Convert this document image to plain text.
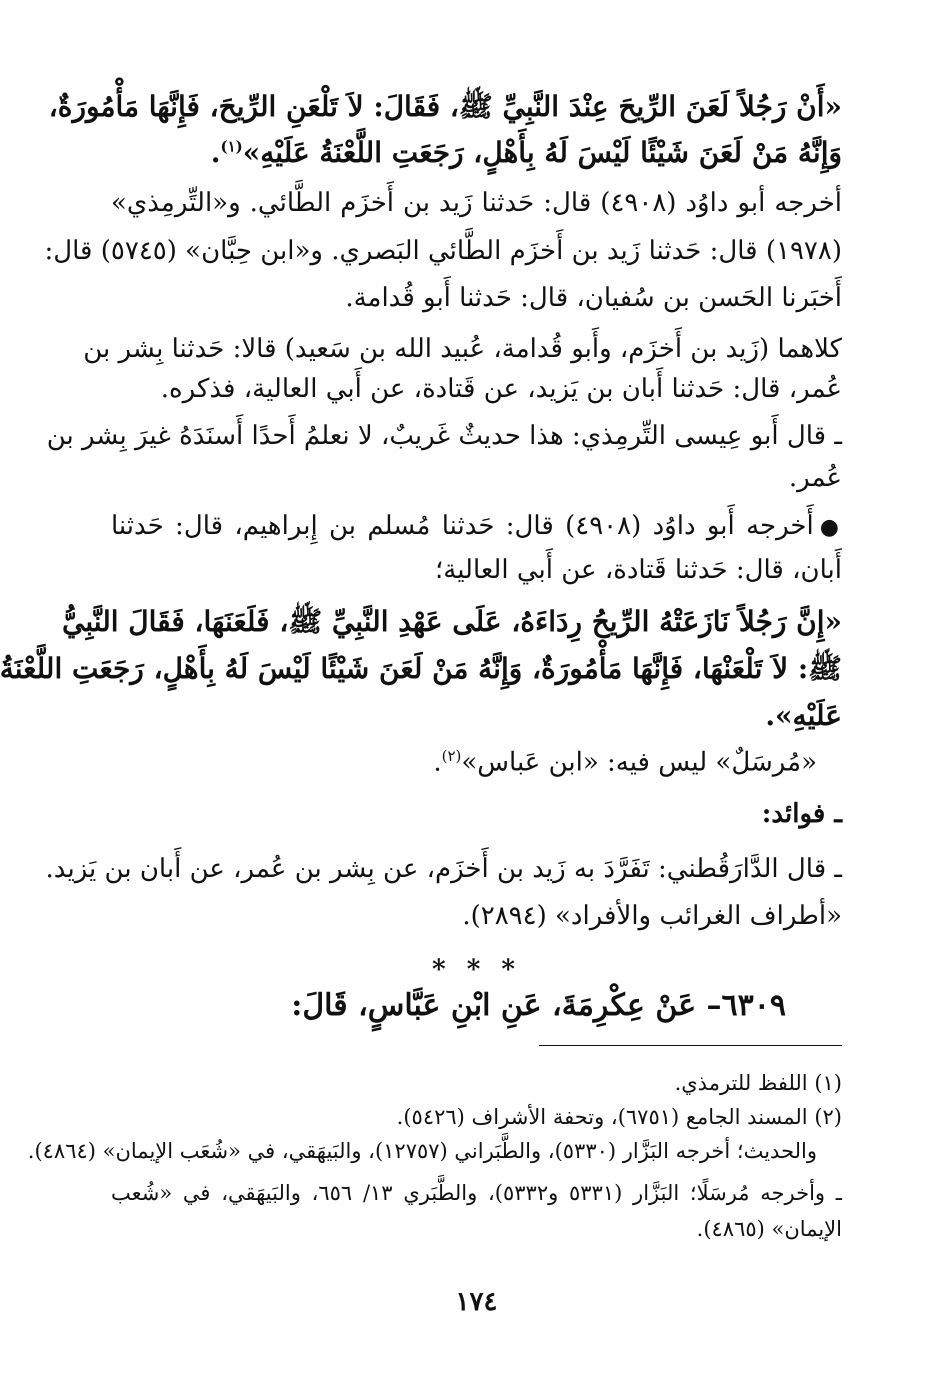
«أَنْ رَجُلاً لَعَنَ الرِّيحَ عِنْدَ النَّبِيِّ ﷺ، فَقَالَ: لاَ تَلْعَنِ الرِّيحَ، فَإِنَّهَا مَأْمُورَةٌ،
وَإِنَّهُ مَنْ لَعَنَ شَيْئًا لَيْسَ لَهُ بِأَهْلٍ، رَجَعَتِ اللَّعْنَةُ عَلَيْهِ»$^{(١)}$.
أخرجه أبو داوُد (٤٩٠٨) قال: حَدثنا زَيد بن أَخزَم الطَّائي. و«التِّرمِذي»
(١٩٧٨) قال: حَدثنا زَيد بن أَخزَم الطَّائي البَصري. و«ابن حِبَّان» (٥٧٤٥) قال:
أَخبَرنا الحَسن بن سُفيان، قال: حَدثنا أَبو قُدامة.
كلاهما (زَيد بن أَخزَم، وأَبو قُدامة، عُبيد الله بن سَعيد) قالا: حَدثنا بِشر بن
عُمر، قال: حَدثنا أَبان بن يَزيد، عن قَتادة، عن أَبي العالية، فذكره.
ـ قال أَبو عِيسى التِّرمِذي: هذا حديثٌ غَريبٌ، لا نعلمُ أَحدًا أَسنَدَهُ غيرَ بِشر بن
عُمر.
●أَخرجه أَبو داوُد (٤٩٠٨) قال: حَدثنا مُسلم بن إِبراهيم، قال: حَدثنا
أَبان، قال: حَدثنا قَتادة، عن أَبي العالية؛
«إِنَّ رَجُلاً نَازَعَتْهُ الرِّيحُ رِدَاءَهُ، عَلَى عَهْدِ النَّبِيِّ ﷺ، فَلَعَنَهَا، فَقَالَ النَّبِيُّ
ﷺ: لاَ تَلْعَنْهَا، فَإِنَّهَا مَأْمُورَةٌ، وَإِنَّهُ مَنْ لَعَنَ شَيْئًا لَيْسَ لَهُ بِأَهْلٍ، رَجَعَتِ اللَّعْنَةُ
عَلَيْهِ».
«مُرسَلٌ» ليس فيه: «ابن عَباس»$^{(٢)}$.
ـ فوائد:
ـ قال الدَّارَقُطني: تَفَرَّدَ به زَيد بن أَخزَم، عن بِشر بن عُمر، عن أَبان بن يَزيد.
«أطراف الغرائب والأفراد» (٢٨٩٤).
* * *
٦٣٠٩– عَنْ عِكْرِمَةَ، عَنِ ابْنِ عَبَّاسٍ، قَالَ:
(١) اللفظ للترمذي.
(٢) المسند الجامع (٦٧٥١)، وتحفة الأشراف (٥٤٢٦).
والحديث؛ أخرجه البَزَّار (٥٣٣٠)، والطَّبَراني (١٢٧٥٧)، والبَيهَقي، في «شُعَب الإيمان» (٤٨٦٤).
ـ وأخرجه مُرسَلًا؛ البَزَّار (٥٣٣١ و٥٣٣٢)، والطَّبَري ١٣/ ٦٥٦، والبَيهَقي، في «شُعب
الإيمان» (٤٨٦٥).
١٧٤
